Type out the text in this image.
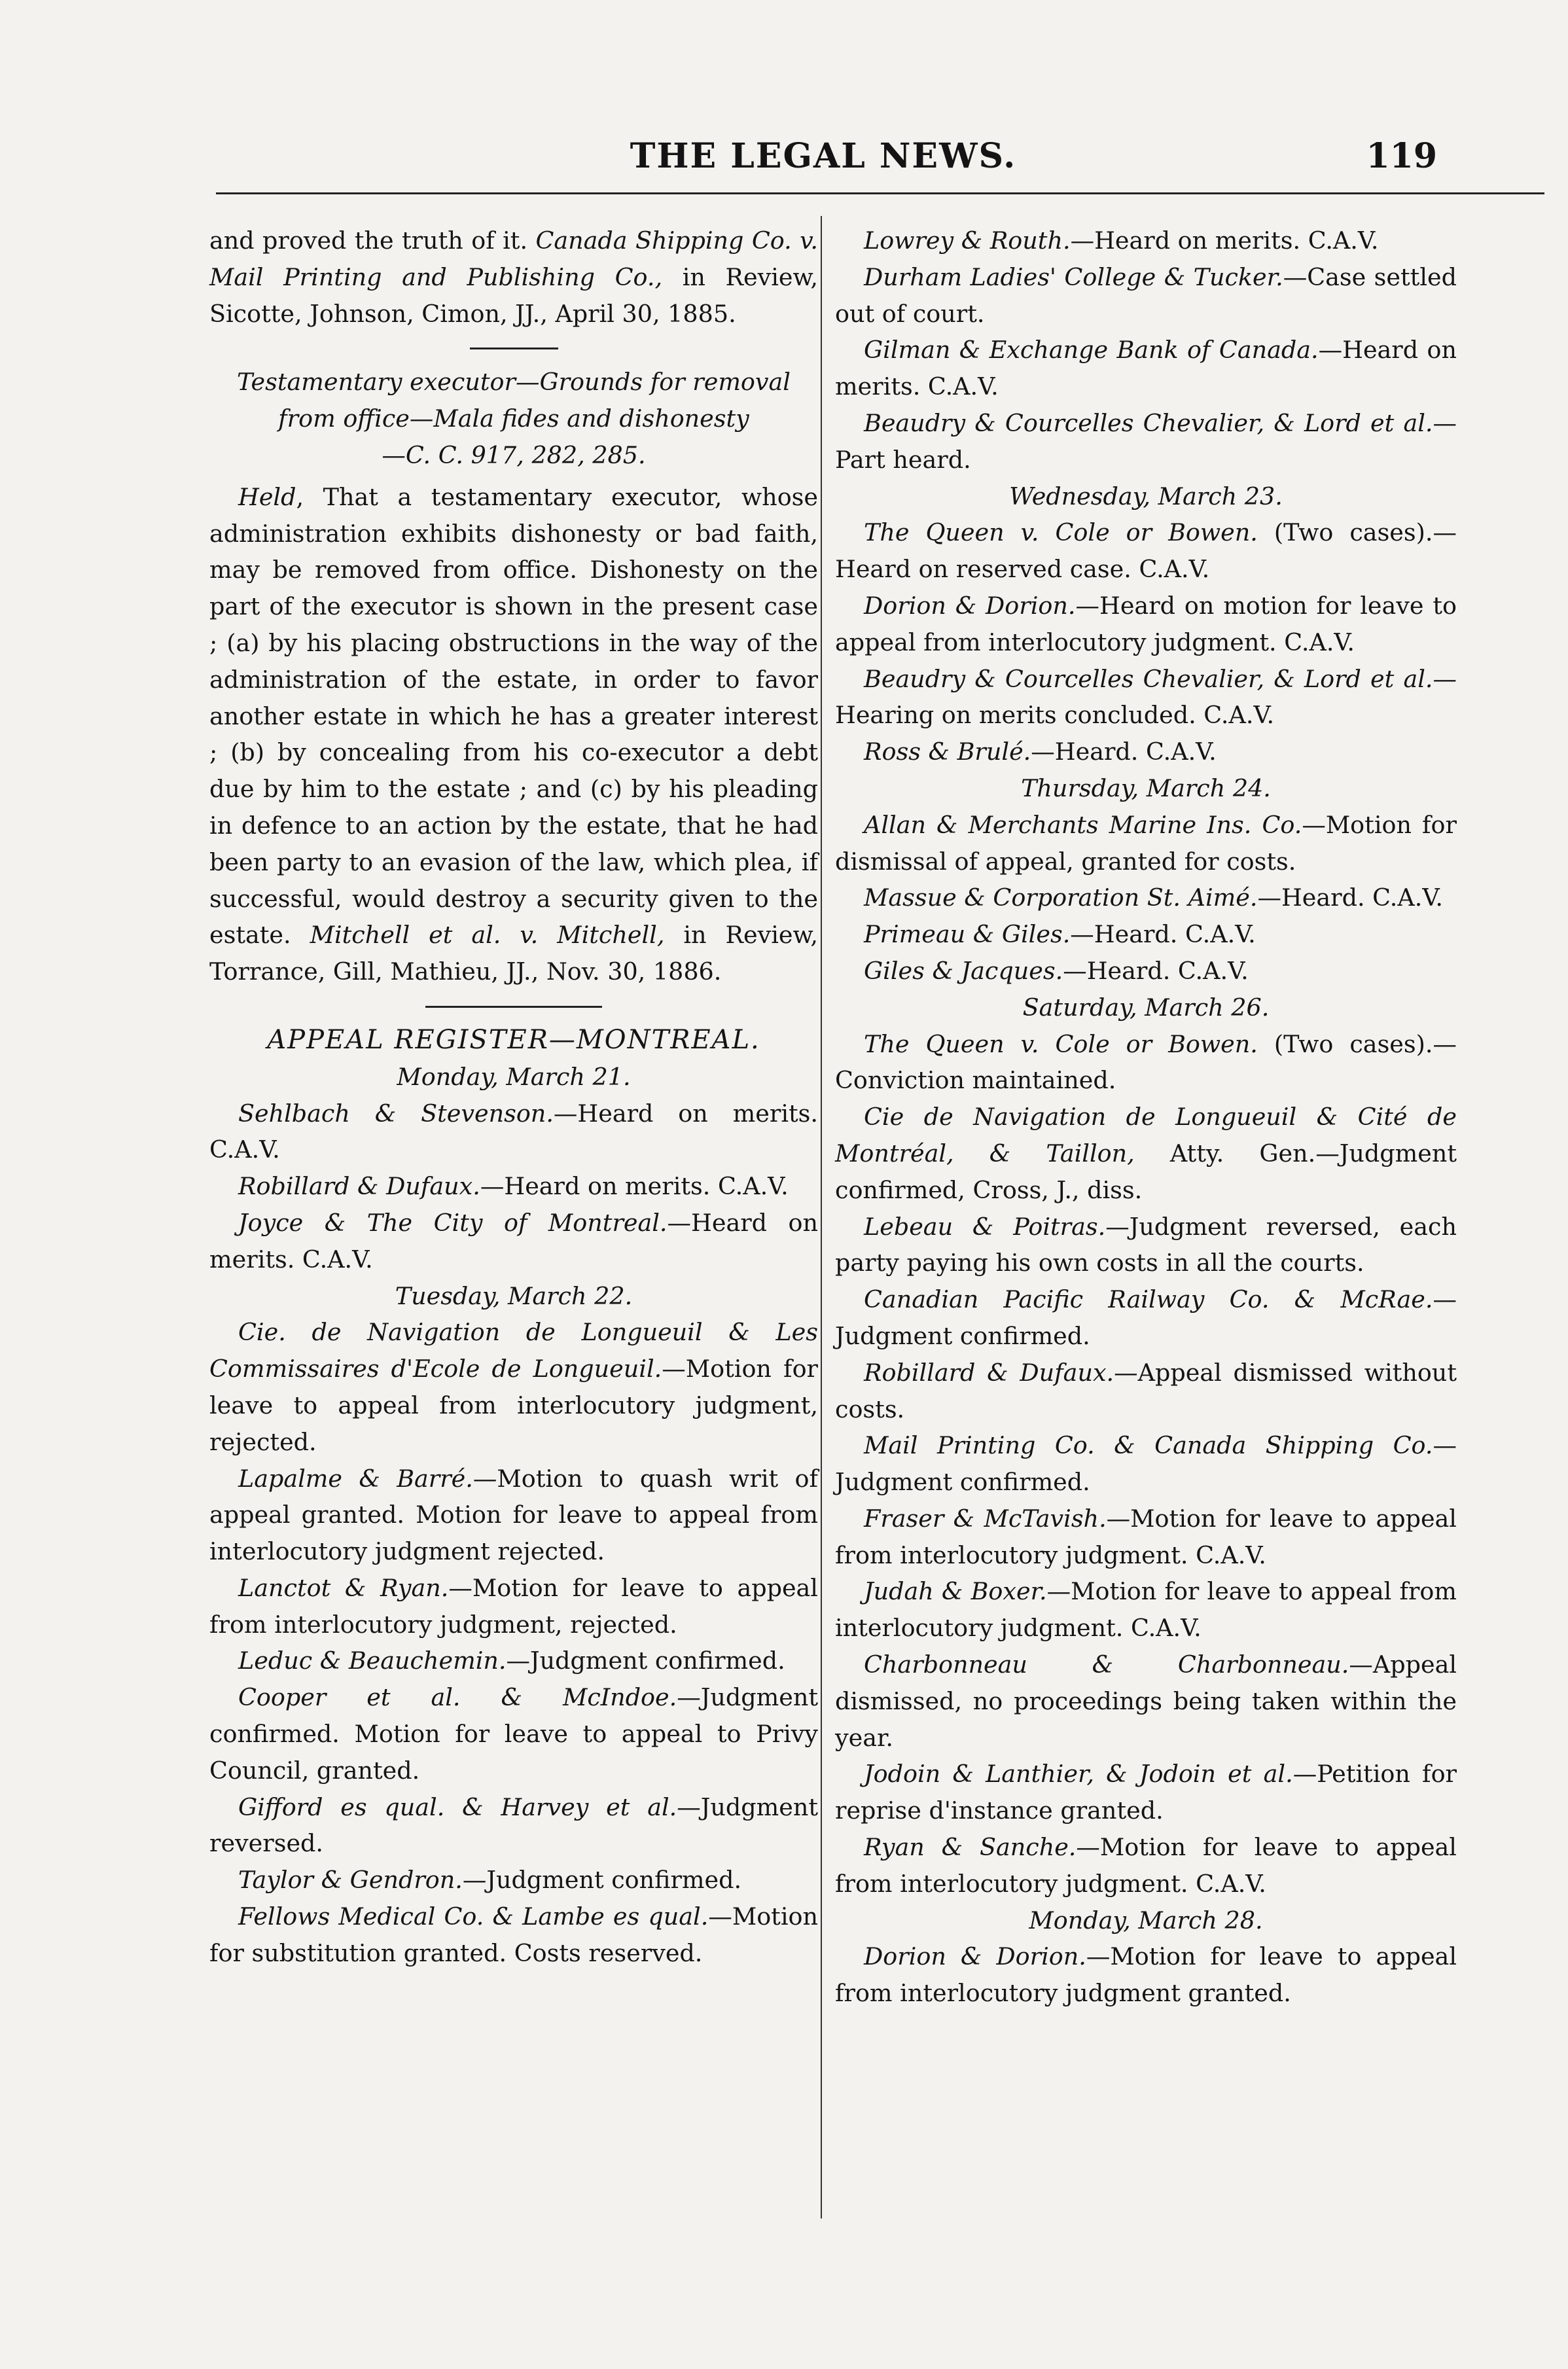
THE LEGAL NEWS.	119

and proved the truth of it. Canada Shipping Co. v. Mail Printing and Publishing Co., in Review, Sicotte, Johnson, Cimon, JJ., April 30, 1885.

Testamentary executor—Grounds for removal
from office—Mala fides and dishonesty
—C. C. 917, 282, 285.

Held, That a testamentary executor, whose administration exhibits dishonesty or bad faith, may be removed from office. Dishonesty on the part of the executor is shown in the present case ; (a) by his placing obstructions in the way of the administration of the estate, in order to favor another estate in which he has a greater interest ; (b) by concealing from his co-executor a debt due by him to the estate ; and (c) by his pleading in defence to an action by the estate, that he had been party to an evasion of the law, which plea, if successful, would destroy a security given to the estate. Mitchell et al. v. Mitchell, in Review, Torrance, Gill, Mathieu, JJ., Nov. 30, 1886.

APPEAL REGISTER—MONTREAL.
Monday, March 21.

Sehlbach & Stevenson.—Heard on merits. C.A.V.

Robillard & Dufaux.—Heard on merits. C.A.V.

Joyce & The City of Montreal.—Heard on merits. C.A.V.

Tuesday, March 22.

Cie. de Navigation de Longueuil & Les Commissaires d'Ecole de Longueuil.—Motion for leave to appeal from interlocutory judgment, rejected.

Lapalme & Barré.—Motion to quash writ of appeal granted. Motion for leave to appeal from interlocutory judgment rejected.

Lanctot & Ryan.—Motion for leave to appeal from interlocutory judgment, rejected.

Leduc & Beauchemin.—Judgment confirmed.

Cooper et al. & McIndoe.—Judgment confirmed. Motion for leave to appeal to Privy Council, granted.

Gifford es qual. & Harvey et al.—Judgment reversed.

Taylor & Gendron.—Judgment confirmed.

Fellows Medical Co. & Lambe es qual.—Motion for substitution granted. Costs reserved.

Lowrey & Routh.—Heard on merits. C.A.V.

Durham Ladies' College & Tucker.—Case settled out of court.

Gilman & Exchange Bank of Canada.—Heard on merits. C.A.V.

Beaudry & Courcelles Chevalier, & Lord et al.—Part heard.

Wednesday, March 23.

The Queen v. Cole or Bowen. (Two cases).—Heard on reserved case. C.A.V.

Dorion & Dorion.—Heard on motion for leave to appeal from interlocutory judgment. C.A.V.

Beaudry & Courcelles Chevalier, & Lord et al.—Hearing on merits concluded. C.A.V.

Ross & Brulé.—Heard. C.A.V.

Thursday, March 24.

Allan & Merchants Marine Ins. Co.—Motion for dismissal of appeal, granted for costs.

Massue & Corporation St. Aimé.—Heard. C.A.V.

Primeau & Giles.—Heard. C.A.V.

Giles & Jacques.—Heard. C.A.V.

Saturday, March 26.

The Queen v. Cole or Bowen. (Two cases).—Conviction maintained.

Cie de Navigation de Longueuil & Cité de Montréal, & Taillon, Atty. Gen.—Judgment confirmed, Cross, J., diss.

Lebeau & Poitras.—Judgment reversed, each party paying his own costs in all the courts.

Canadian Pacific Railway Co. & McRae.—Judgment confirmed.

Robillard & Dufaux.—Appeal dismissed without costs.

Mail Printing Co. & Canada Shipping Co.—Judgment confirmed.

Fraser & McTavish.—Motion for leave to appeal from interlocutory judgment. C.A.V.

Judah & Boxer.—Motion for leave to appeal from interlocutory judgment. C.A.V.

Charbonneau & Charbonneau.—Appeal dismissed, no proceedings being taken within the year.

Jodoin & Lanthier, & Jodoin et al.—Petition for reprise d'instance granted.

Ryan & Sanche.—Motion for leave to appeal from interlocutory judgment. C.A.V.

Monday, March 28.

Dorion & Dorion.—Motion for leave to appeal from interlocutory judgment granted.
